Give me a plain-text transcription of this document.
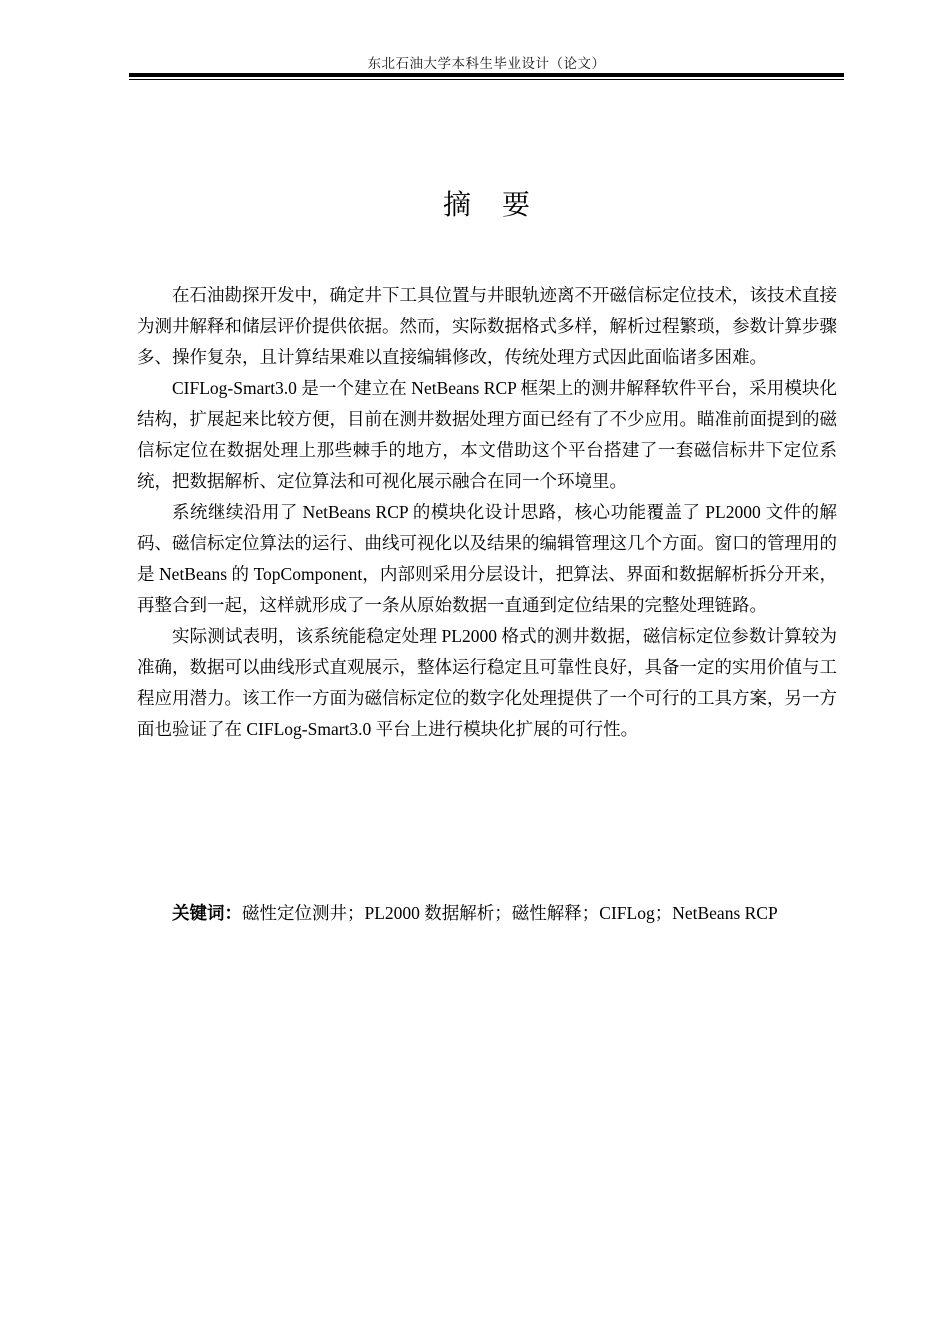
东北石油大学本科生毕业设计（论文）
摘 要

在石油勘探开发中，确定井下工具位置与井眼轨迹离不开磁信标定位技术，该技术直接为测井解释和储层评价提供依据。然而，实际数据格式多样，解析过程繁琐，参数计算步骤多、操作复杂，且计算结果难以直接编辑修改，传统处理方式因此面临诸多困难。

CIFLog-Smart3.0 是一个建立在 NetBeans RCP 框架上的测井解释软件平台，采用模块化结构，扩展起来比较方便，目前在测井数据处理方面已经有了不少应用。瞄准前面提到的磁信标定位在数据处理上那些棘手的地方，本文借助这个平台搭建了一套磁信标井下定位系统，把数据解析、定位算法和可视化展示融合在同一个环境里。

系统继续沿用了 NetBeans RCP 的模块化设计思路，核心功能覆盖了 PL2000 文件的解码、磁信标定位算法的运行、曲线可视化以及结果的编辑管理这几个方面。窗口的管理用的是 NetBeans 的 TopComponent，内部则采用分层设计，把算法、界面和数据解析拆分开来，再整合到一起，这样就形成了一条从原始数据一直通到定位结果的完整处理链路。

实际测试表明，该系统能稳定处理 PL2000 格式的测井数据，磁信标定位参数计算较为准确，数据可以曲线形式直观展示，整体运行稳定且可靠性良好，具备一定的实用价值与工程应用潜力。该工作一方面为磁信标定位的数字化处理提供了一个可行的工具方案，另一方面也验证了在 CIFLog-Smart3.0 平台上进行模块化扩展的可行性。

关键词：磁性定位测井；PL2000 数据解析；磁性解释；CIFLog；NetBeans RCP
